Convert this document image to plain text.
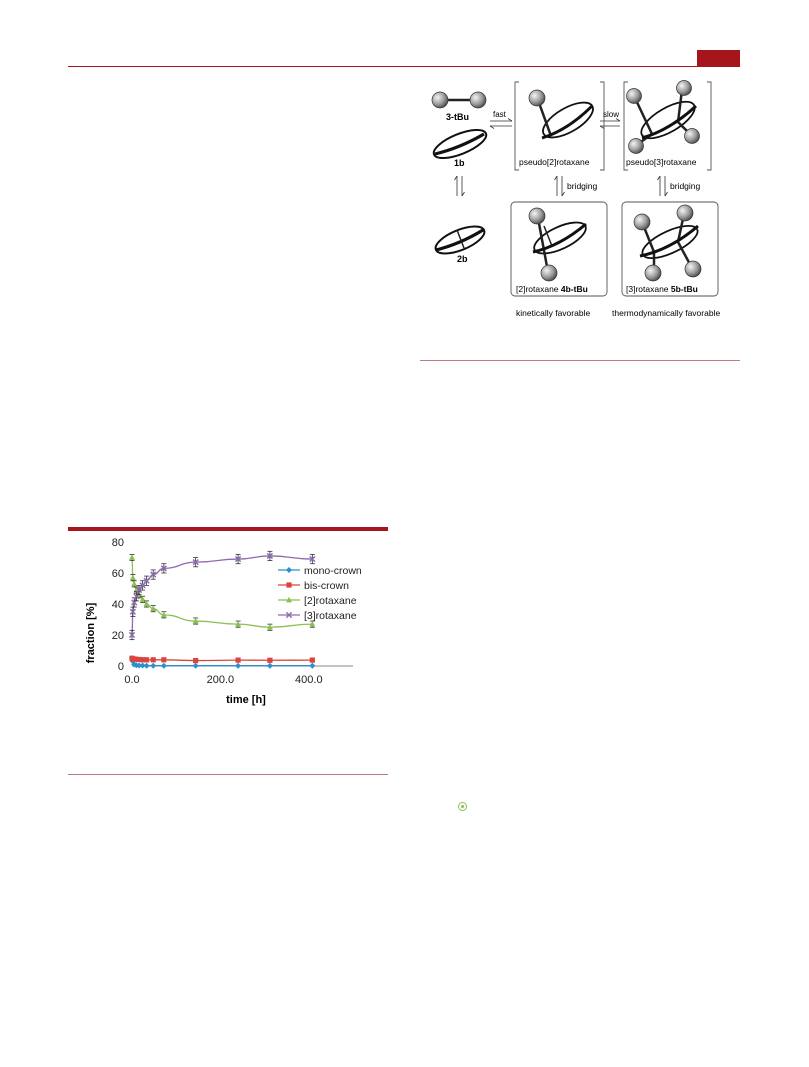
3-tBu
1b
fast
pseudo[2]rotaxane
slow
pseudo[3]rotaxane
bridging	bridging
2b
[2]rotaxane 4b-tBu	[3]rotaxane 5b-tBu
kinetically favorable	thermodynamically favorable
0
20
40
60
80
0.0	200.0	400.0
mono-crown
bis-crown
[2]rotaxane
[3]rotaxane
fraction [%]
time [h]
